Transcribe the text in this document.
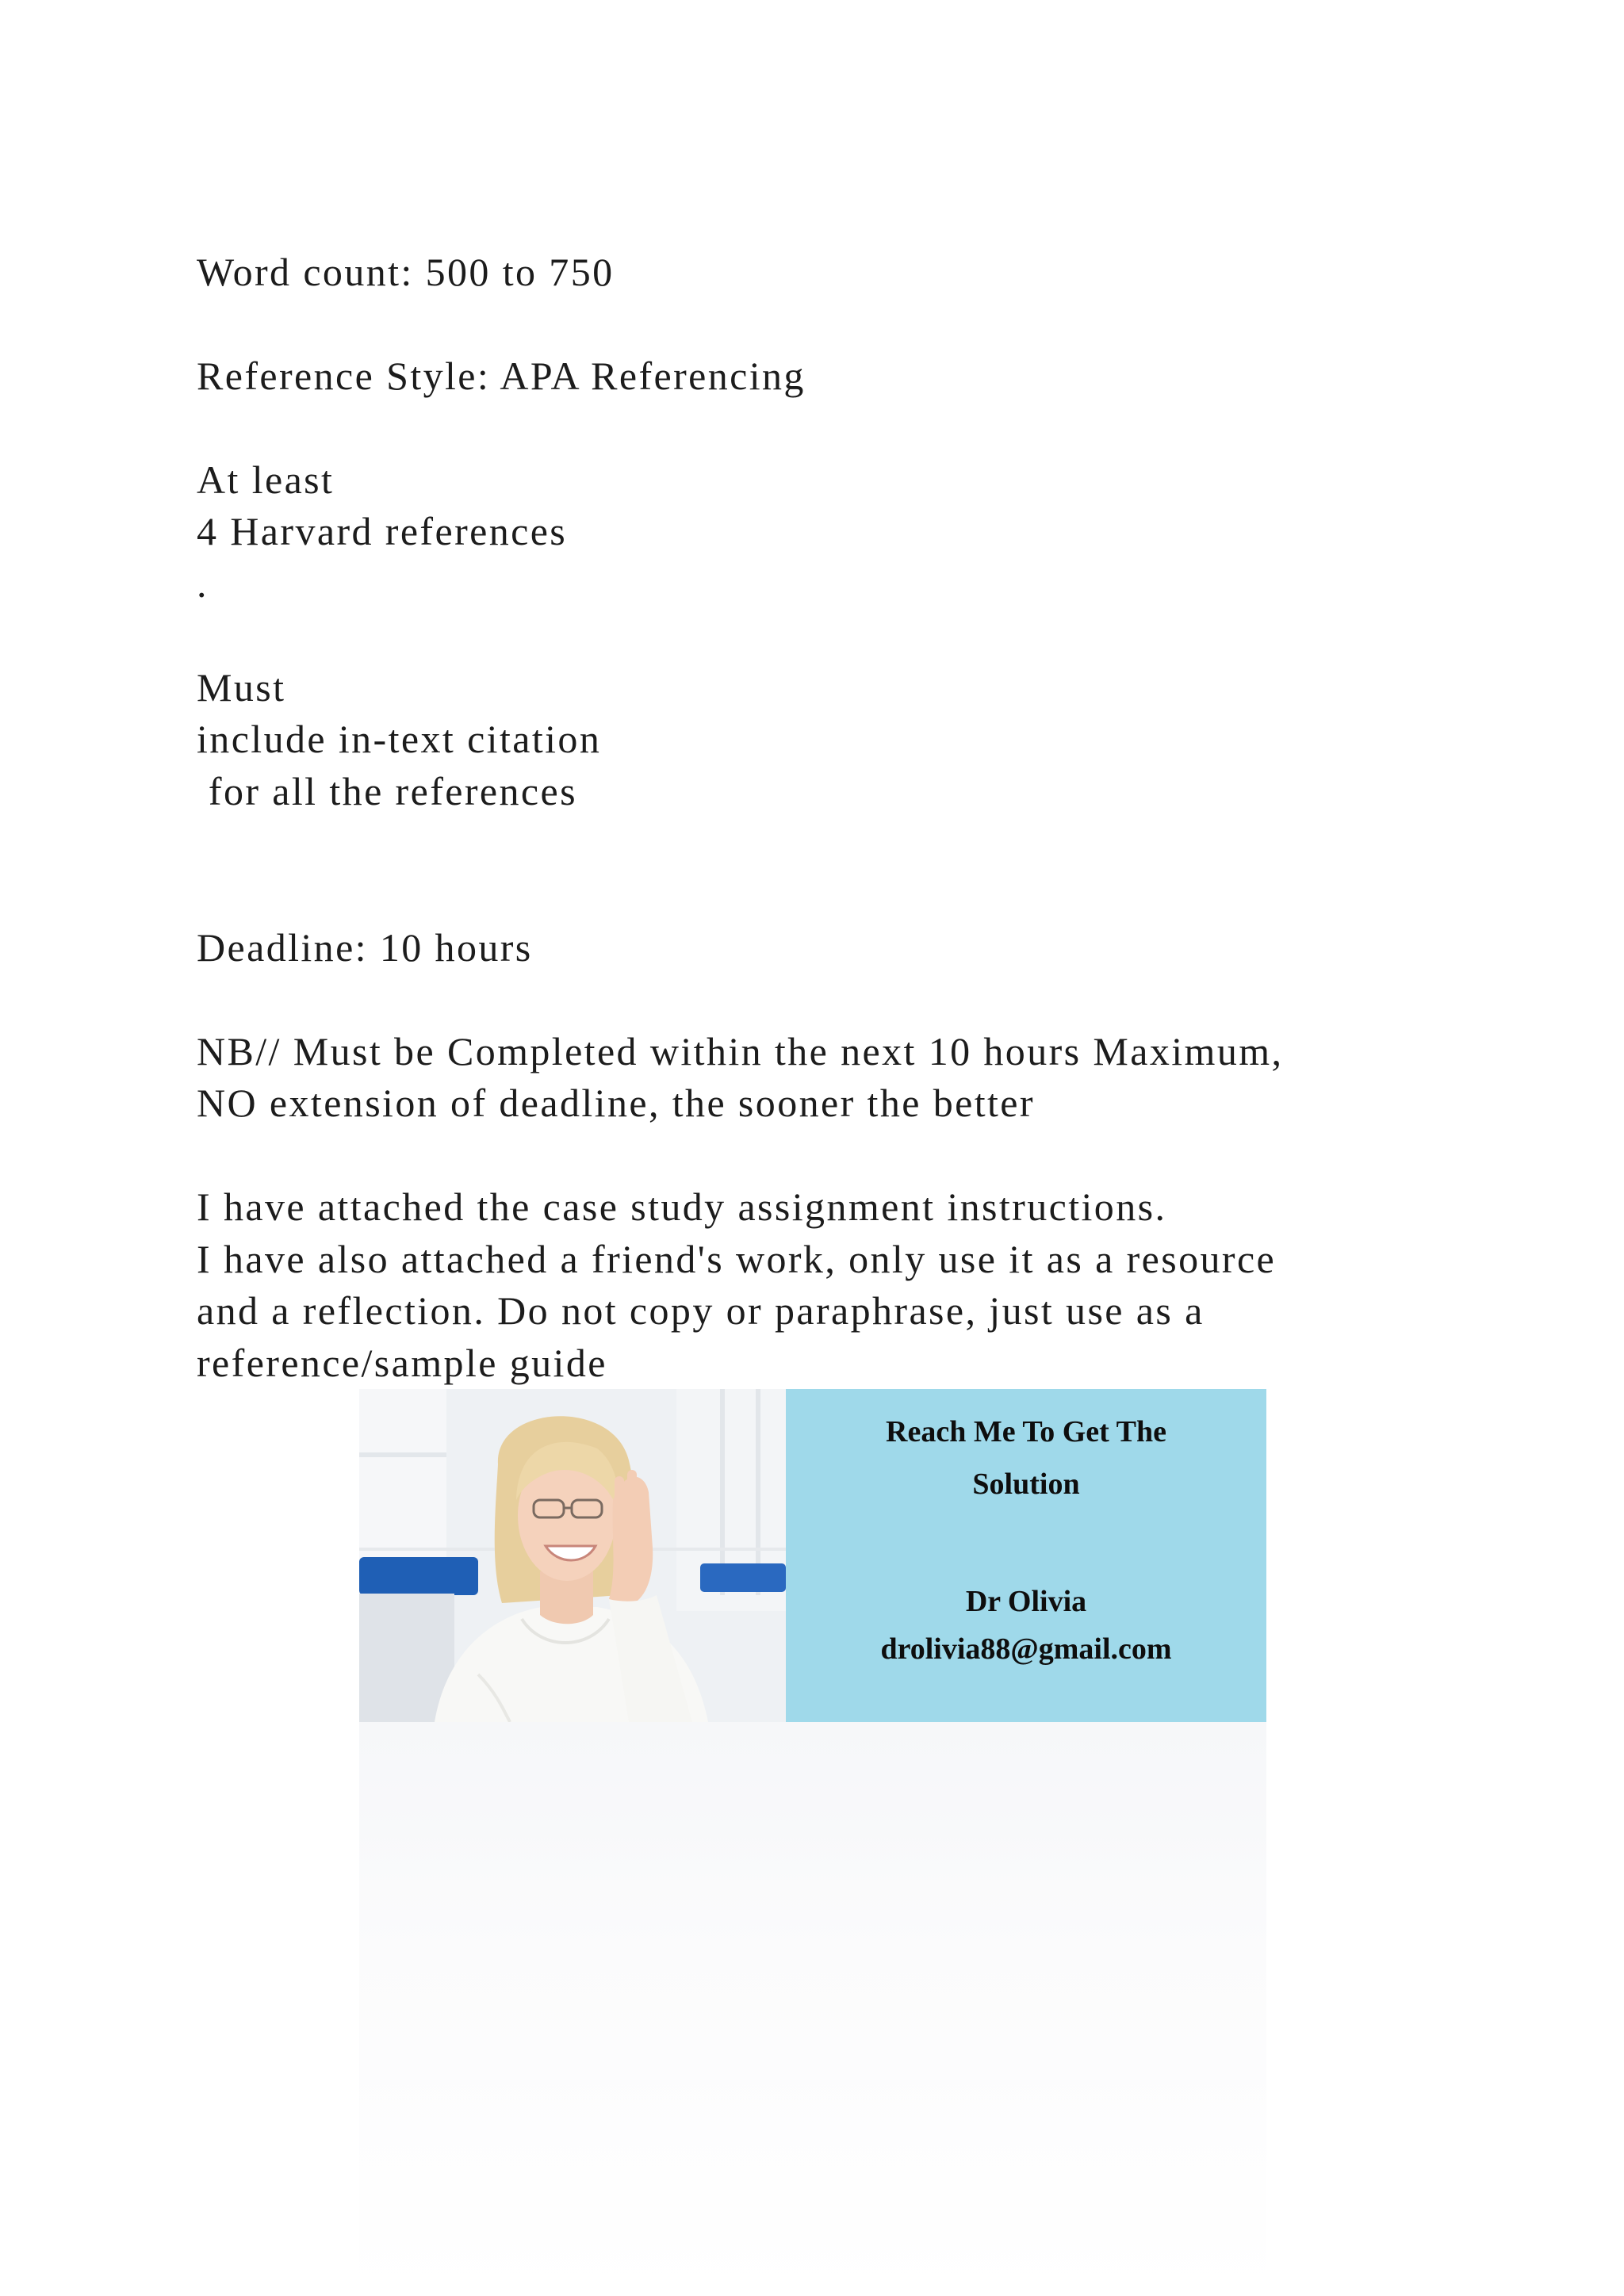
Word count: 500 to 750

Reference Style: APA Referencing

At least

4 Harvard references

.

Must

include in-text citation

for all the references

Deadline: 10 hours

NB// Must be Completed within the next 10 hours Maximum,

NO extension of deadline, the sooner the better

I have attached the case study assignment instructions.

I have also attached a friend's work, only use it as a resource

and a reflection. Do not copy or paraphrase, just use as a

reference/sample guide

Reach Me To Get The

Solution

Dr Olivia

drolivia88@gmail.com
